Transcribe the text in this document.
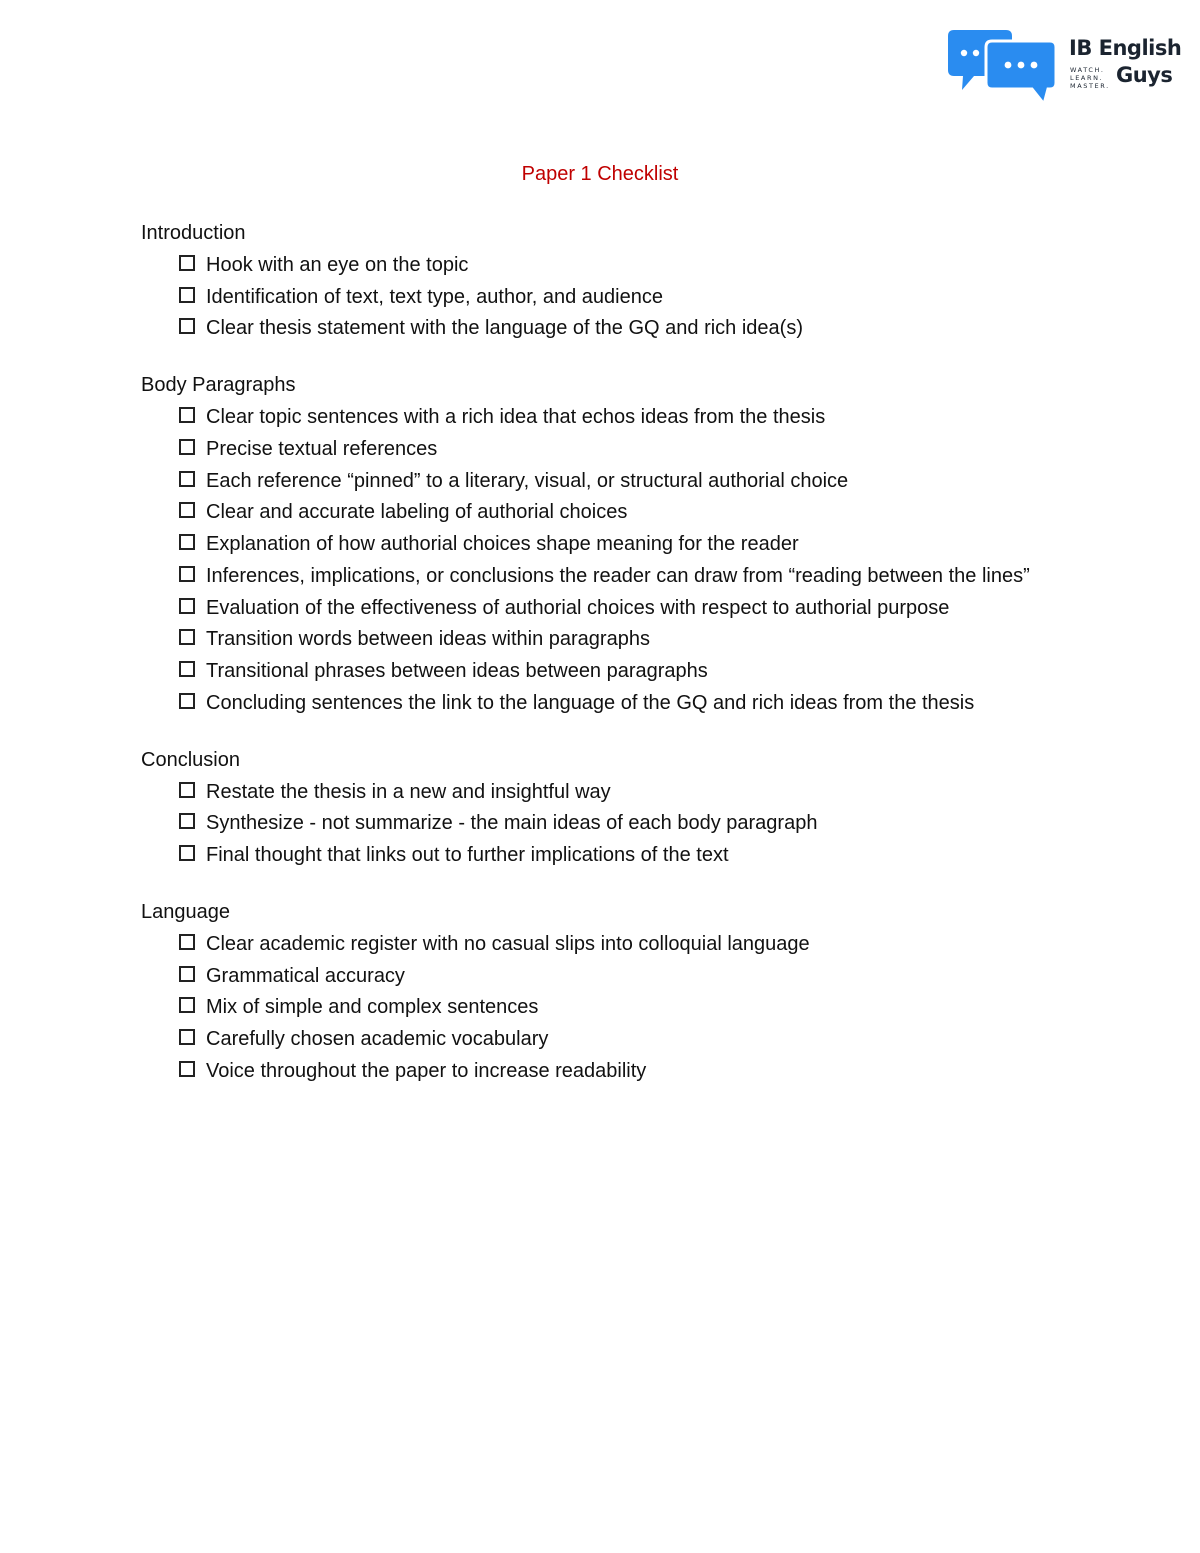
IB English
WATCH.
LEARN.
MASTER. Guys
Paper 1 Checklist
Introduction
Hook with an eye on the topic
Identification of text, text type, author, and audience
Clear thesis statement with the language of the GQ and rich idea(s)
Body Paragraphs
Clear topic sentences with a rich idea that echos ideas from the thesis
Precise textual references
Each reference “pinned” to a literary, visual, or structural authorial choice
Clear and accurate labeling of authorial choices
Explanation of how authorial choices shape meaning for the reader
Inferences, implications, or conclusions the reader can draw from “reading between the lines”
Evaluation of the effectiveness of authorial choices with respect to authorial purpose
Transition words between ideas within paragraphs
Transitional phrases between ideas between paragraphs
Concluding sentences the link to the language of the GQ and rich ideas from the thesis
Conclusion
Restate the thesis in a new and insightful way
Synthesize - not summarize - the main ideas of each body paragraph
Final thought that links out to further implications of the text
Language
Clear academic register with no casual slips into colloquial language
Grammatical accuracy
Mix of simple and complex sentences
Carefully chosen academic vocabulary
Voice throughout the paper to increase readability
